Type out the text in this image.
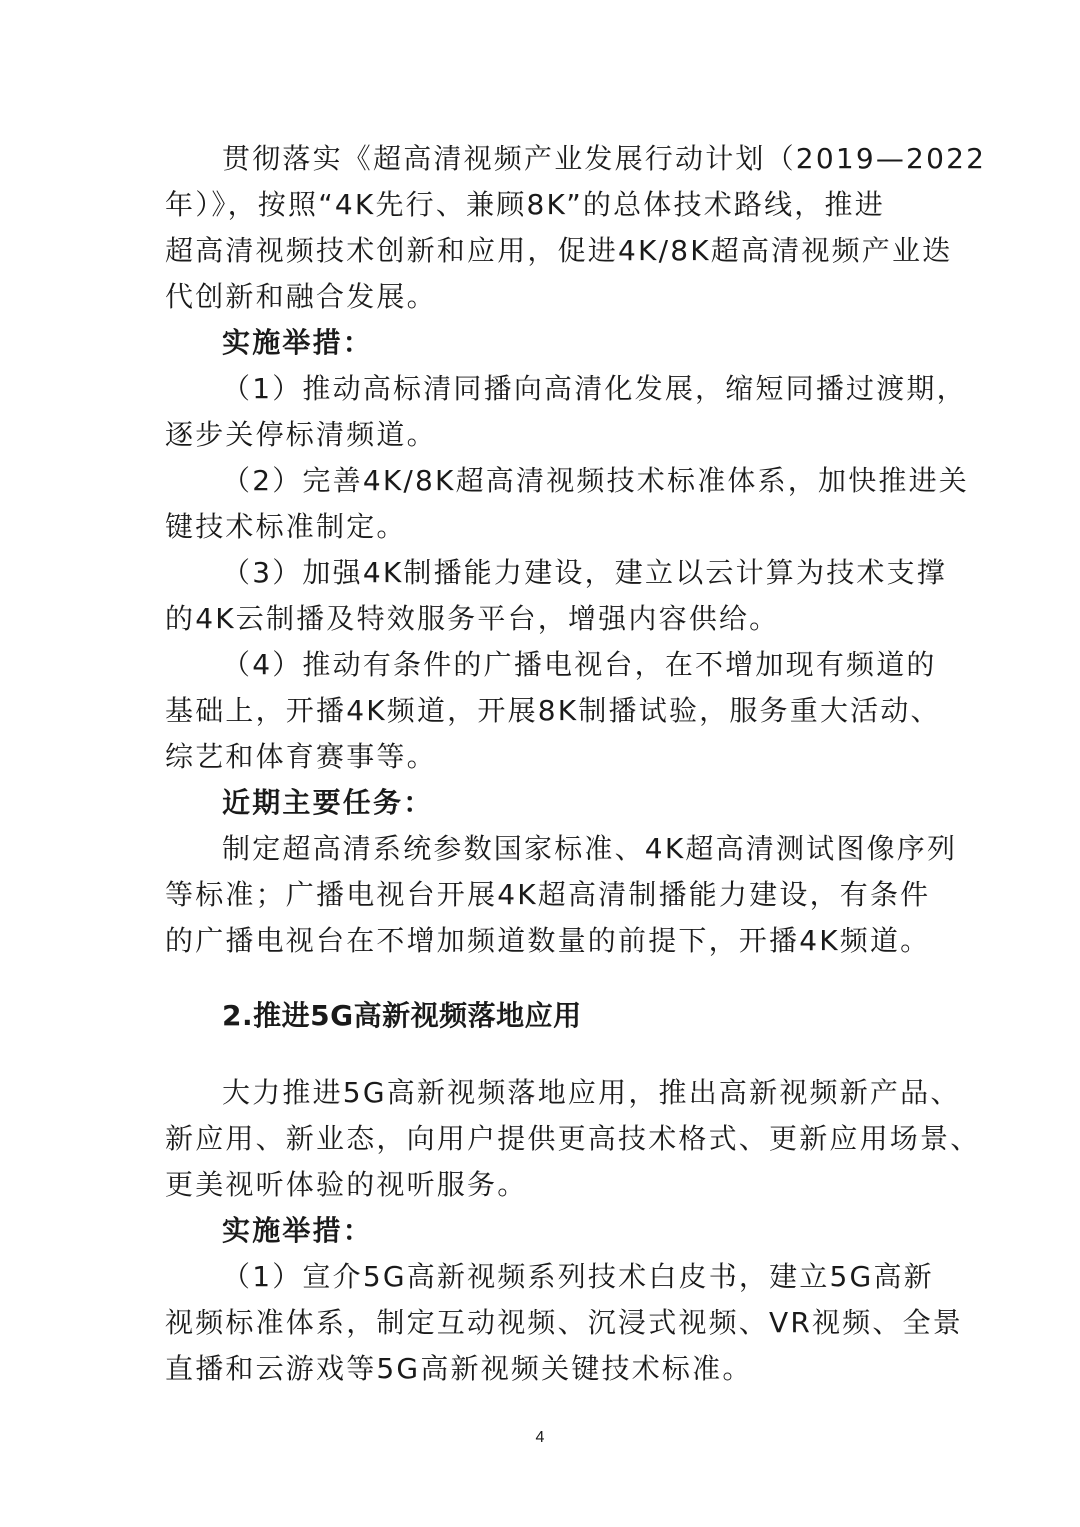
贯彻落实《超高清视频产业发展行动计划（2019—2022
年）》，按照“4K先行、兼顾8K”的总体技术路线，推进
超高清视频技术创新和应用，促进4K/8K超高清视频产业迭
代创新和融合发展。
实施举措：
（1）推动高标清同播向高清化发展，缩短同播过渡期，
逐步关停标清频道。
（2）完善4K/8K超高清视频技术标准体系，加快推进关
键技术标准制定。
（3）加强4K制播能力建设，建立以云计算为技术支撑
的4K云制播及特效服务平台，增强内容供给。
（4）推动有条件的广播电视台，在不增加现有频道的
基础上，开播4K频道，开展8K制播试验，服务重大活动、
综艺和体育赛事等。
近期主要任务：
制定超高清系统参数国家标准、4K超高清测试图像序列
等标准；广播电视台开展4K超高清制播能力建设，有条件
的广播电视台在不增加频道数量的前提下，开播4K频道。
2.推进5G高新视频落地应用
大力推进5G高新视频落地应用，推出高新视频新产品、
新应用、新业态，向用户提供更高技术格式、更新应用场景、
更美视听体验的视听服务。
实施举措：
（1）宣介5G高新视频系列技术白皮书，建立5G高新
视频标准体系，制定互动视频、沉浸式视频、VR视频、全景
直播和云游戏等5G高新视频关键技术标准。
4
